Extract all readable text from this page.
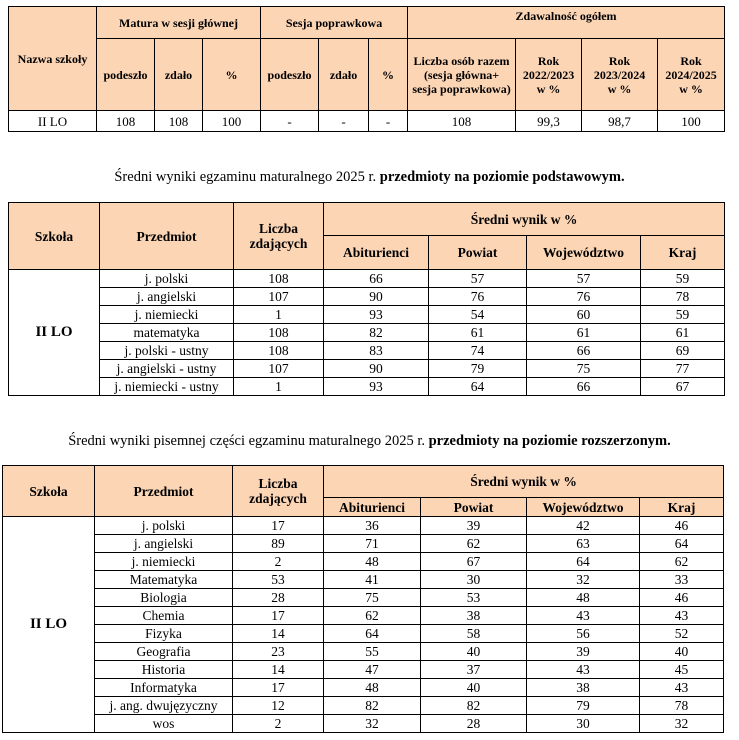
Nazwa szkoły	Matura w sesji głównej			Sesja poprawkowa			Zdawalność ogółem			
	podeszło	zdało	%	podeszło	zdało	%	Liczba osób razem (sesja główna+ sesja poprawkowa)	Rok 2022/2023 w %	Rok 2023/2024 w %	Rok 2024/2025 w %
II LO	108	108	100	-	-	-	108	99,3	98,7	100
Średni wyniki egzaminu maturalnego 2025 r. przedmioty na poziomie podstawowym.
Szkoła	Przedmiot	Liczba zdających	Średni wynik w %			
			Abiturienci	Powiat	Województwo	Kraj
II LO	j. polski	108	66	57	57	59
	j. angielski	107	90	76	76	78
	j. niemiecki	1	93	54	60	59
	matematyka	108	82	61	61	61
	j. polski - ustny	108	83	74	66	69
	j. angielski - ustny	107	90	79	75	77
	j. niemiecki - ustny	1	93	64	66	67
Średni wyniki pisemnej części egzaminu maturalnego 2025 r. przedmioty na poziomie rozszerzonym.
Szkoła	Przedmiot	Liczba zdających	Średni wynik w %			
			Abiturienci	Powiat	Województwo	Kraj
II LO	j. polski	17	36	39	42	46
	j. angielski	89	71	62	63	64
	j. niemiecki	2	48	67	64	62
	Matematyka	53	41	30	32	33
	Biologia	28	75	53	48	46
	Chemia	17	62	38	43	43
	Fizyka	14	64	58	56	52
	Geografia	23	55	40	39	40
	Historia	14	47	37	43	45
	Informatyka	17	48	40	38	43
	j. ang. dwujęzyczny	12	82	82	79	78
	wos	2	32	28	30	32
